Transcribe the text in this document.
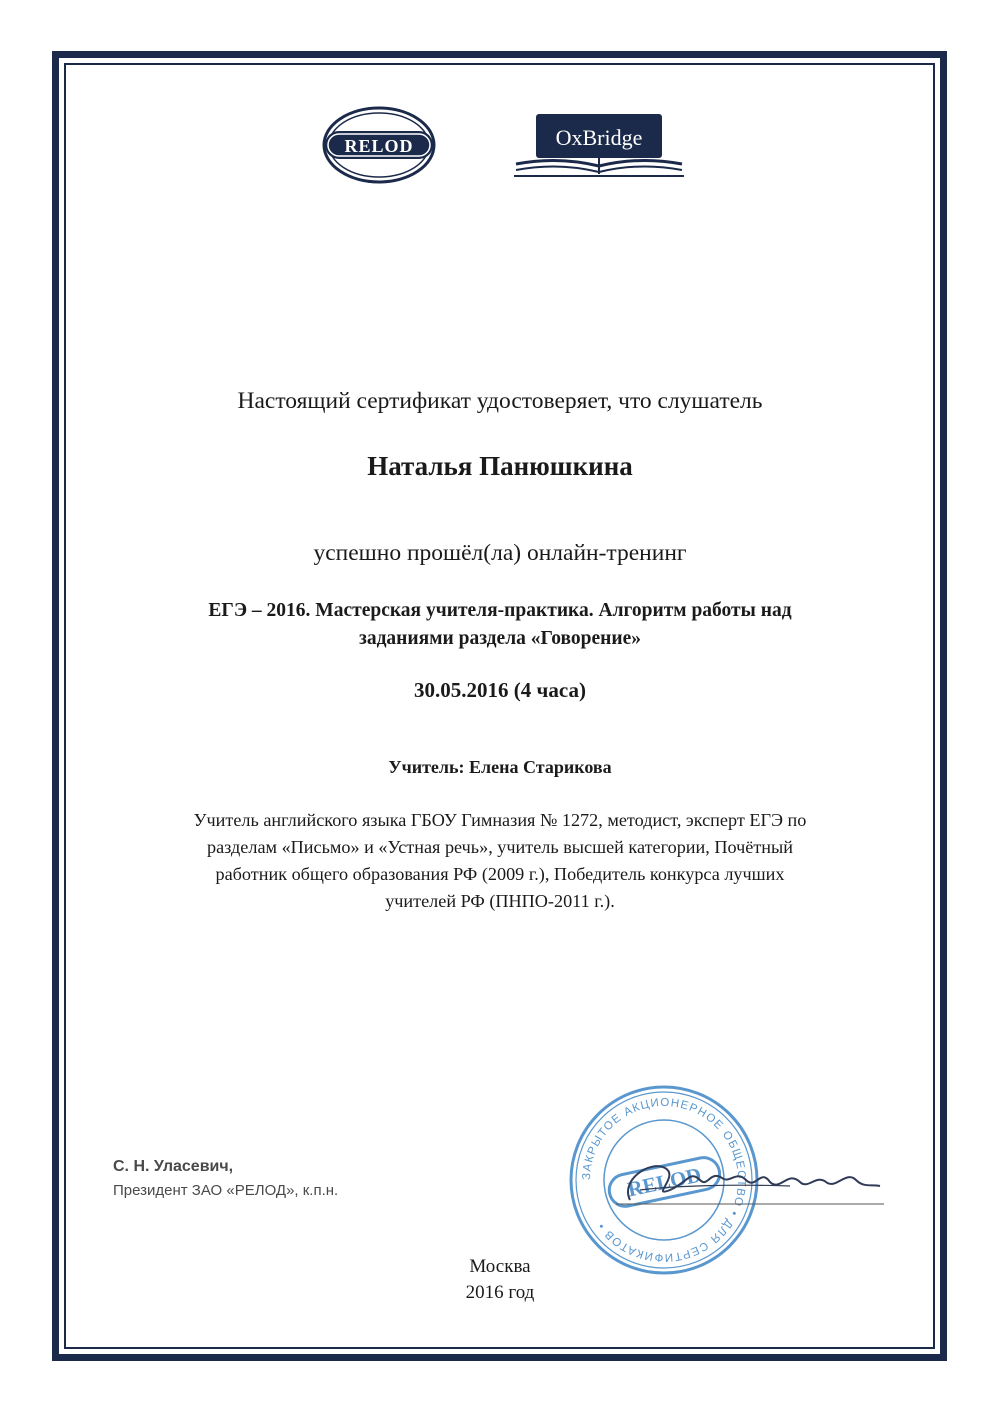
RELOD	OxBridge
Настоящий сертификат удостоверяет, что слушатель
Наталья Панюшкина
успешно прошёл(ла) онлайн-тренинг
ЕГЭ – 2016. Мастерская учителя-практика. Алгоритм работы над
заданиями раздела «Говорение»
30.05.2016 (4 часа)
Учитель: Елена Старикова
Учитель английского языка ГБОУ Гимназия № 1272, методист, эксперт ЕГЭ по
разделам «Письмо» и «Устная речь», учитель высшей категории, Почётный
работник общего образования РФ (2009 г.), Победитель конкурса лучших
учителей РФ (ПНПО-2011 г.).
С. Н. Уласевич,
Президент ЗАО «РЕЛОД», к.п.н.
ЗАКРЫТОЕ АКЦИОНЕРНОЕ ОБЩЕСТВО • ДЛЯ СЕРТИФИКАТОВ •
RELOD
Москва
2016 год
